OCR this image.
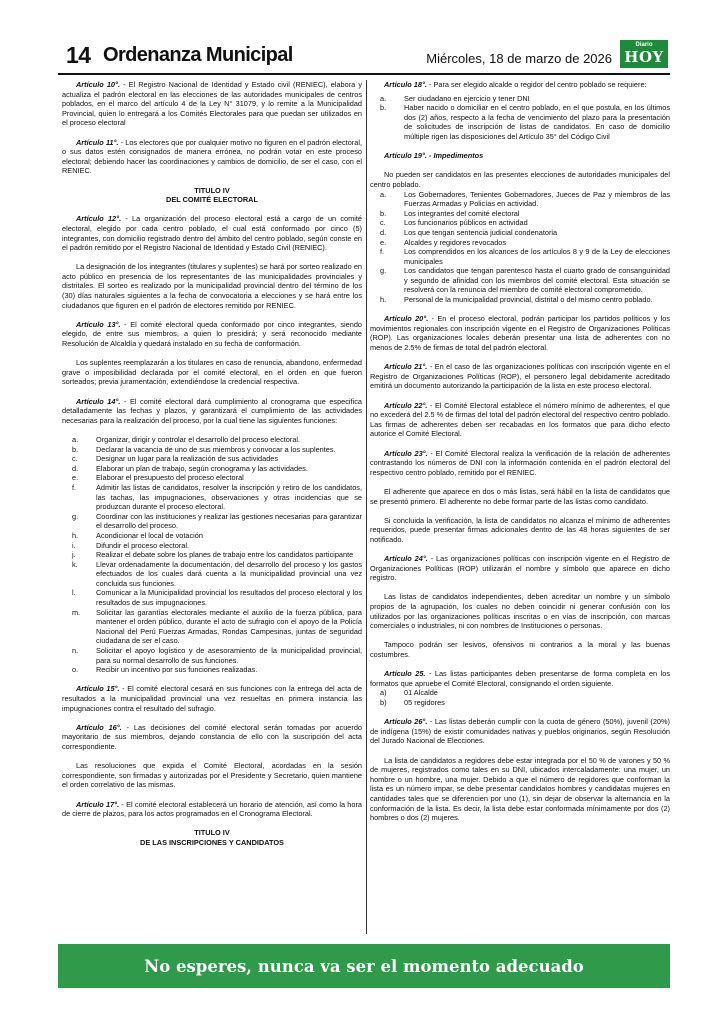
14 Ordenanza Municipal	Miércoles, 18 de marzo de 2026
Diario
HOY

Artículo 10°. - El Registro Nacional de Identidad y Estado civil (RENIEC), elabora y actualiza el padrón electoral en las elecciones de las autoridades municipales de centros poblados, en el marco del artículo 4 de la Ley N° 31079, y lo remite a la Municipalidad Provincial, quien lo entregará a los Comités Electorales para que puedan ser utilizados en el proceso electoral

Artículo 11°. - Los electores que por cualquier motivo no figuren en el padrón electoral, o sus datos estén consignados de manera errónea, no podrán votar en este proceso electoral; debiendo hacer las coordinaciones y cambios de domicilio, de ser el caso, con el RENIEC.

TITULO IV
DEL COMITÉ ELECTORAL

Artículo 12°. - La organización del proceso electoral está a cargo de un comité electoral, elegido por cada centro poblado, el cual está conformado por cinco (5) integrantes, con domicilio registrado dentro del ámbito del centro poblado, según conste en el padrón remitido por el Registro Nacional de Identidad y Estado Civil (RENIEC).

La designación de los integrantes (titulares y suplentes) se hará por sorteo realizado en acto público en presencia de los representantes de las municipalidades provinciales y distritales. El sorteo es realizado por la municipalidad provincial dentro del término de los (30) días naturales siguientes a la fecha de convocatoria a elecciones y se hará entre los ciudadanos que figuren en el padrón de electores remitido por RENIEC.

Artículo 13°. - El comité electoral queda conformado por cinco integrantes, siendo elegido, de entre sus miembros, a quien lo presidirá; y será reconocido mediante Resolución de Alcaldía y quedará instalado en su fecha de conformación.

Los suplentes reemplazarán a los titulares en caso de renuncia, abandono, enfermedad grave o imposibilidad declarada por el comité electoral, en el orden en que fueron sorteados; previa juramentación, extendiéndose la credencial respectiva.

Artículo 14°. - El comité electoral dará cumplimiento al cronograma que especifica detalladamente las fechas y plazos, y garantizará el cumplimiento de las actividades necesarias para la realización del proceso, por la cual tiene las siguientes funciones:

a.	Organizar, dirigir y controlar el desarrollo del proceso electoral.
b.	Declarar la vacancia de uno de sus miembros y convocar a los suplentes.
c.	Designar un lugar para la realización de sus actividades
d.	Elaborar un plan de trabajo, según cronograma y las actividades.
e.	Elaborar el presupuesto del proceso electoral
f.	Admitir las listas de candidatos, resolver la inscripción y retiro de los candidatos, las tachas, las impugnaciones, observaciones y otras incidencias que se produzcan durante el proceso electoral.
g.	Coordinar con las instituciones y realizar las gestiones necesarias para garantizar el desarrollo del proceso.
h.	Acondicionar el local de votación
i.	Difundir el proceso electoral.
j.	Realizar el debate sobre los planes de trabajo entre los candidatos participante
k.	Llevar ordenadamente la documentación, del desarrollo del proceso y los gastos efectuados de los cuales dará cuenta a la municipalidad provincial una vez concluida sus funciones.
l.	Comunicar a la Municipalidad provincial los resultados del proceso electoral y los resultados de sus impugnaciones.
m.	Solicitar las garantías electorales mediante el auxilio de la fuerza pública, para mantener el orden público, durante el acto de sufragio con el apoyo de la Policía Nacional del Perú Fuerzas Armadas, Rondas Campesinas, juntas de seguridad ciudadana de ser el caso.
n.	Solicitar el apoyo logístico y de asesoramiento de la municipalidad provincial, para su normal desarrollo de sus funciones.
o.	Recibir un incentivo por sus funciones realizadas.

Artículo 15°. - El comité electoral cesará en sus funciones con la entrega del acta de resultados a la municipalidad provincial una vez resueltas en primera instancia las impugnaciones contra el resultado del sufragio.

Artículo 16°. - Las decisiones del comité electoral serán tomadas por acuerdo mayoritario de sus miembros, dejando constancia de ello con la suscripción del acta correspondiente.

Las resoluciones que expida el Comité Electoral, acordadas en la sesión correspondiente, son firmadas y autorizadas por el Presidente y Secretario, quien mantiene el orden correlativo de las mismas.

Artículo 17°. - El comité electoral establecerá un horario de atención, así como la hora de cierre de plazos, para los actos programados en el Cronograma Electoral.

TITULO IV
DE LAS INSCRIPCIONES Y CANDIDATOS

Artículo 18°. - Para ser elegido alcalde o regidor del centro poblado se requiere:

a.	Ser ciudadano en ejercicio y tener DNI
b.	Haber nacido o domiciliar en el centro poblado, en el que postula, en los últimos dos (2) años, respecto a la fecha de vencimiento del plazo para la presentación de solicitudes de inscripción de listas de candidatos. En caso de domicilio múltiple rigen las disposiciones del Artículo 35° del Código Civil

Artículo 19°. - Impedimentos

No pueden ser candidatos en las presentes elecciones de autoridades municipales del centro poblado.

a.	Los Gobernadores, Tenientes Gobernadores, Jueces de Paz y miembros de las Fuerzas Armadas y Policías en actividad.
b.	Los integrantes del comité electoral
c.	Los funcionarios públicos en actividad
d.	Los que tengan sentencia judicial condenatoria
e.	Alcaldes y regidores revocados
f.	Los comprendidos en los alcances de los artículos 8 y 9 de la Ley de elecciones municipales
g.	Los candidatos que tengan parentesco hasta el cuarto grado de consanguinidad y segundo de afinidad con los miembros del comité electoral. Esta situación se resolverá con la renuncia del miembro de comité electoral comprometido.
h.	Personal de la municipalidad provincial, distrital o del mismo centro poblado.

Artículo 20°. - En el proceso electoral, podrán participar los partidos políticos y los movimientos regionales con inscripción vigente en el Registro de Organizaciones Políticas (ROP). Las organizaciones locales deberán presentar una lista de adherentes con no menos de 2.5% de firmas de total del padrón electoral.

Artículo 21°. - En el caso de las organizaciones políticas con inscripción vigente en el Registro de Organizaciones Políticas (ROP), el personero legal debidamente acreditado emitirá un documento autorizando la participación de la lista en este proceso electoral.

Artículo 22°. - El Comité Electoral establece el número mínimo de adherentes, el que no excederá del 2.5 % de firmas del total del padrón electoral del respectivo centro poblado. Las firmas de adherentes deben ser recabadas en los formatos que para dicho efecto autorice el Comité Electoral.

Artículo 23°. - El Comité Electoral realiza la verificación de la relación de adherentes contrastando los números de DNI con la información contenida en el padrón electoral del respectivo centro poblado, remitido por el RENIEC.

El adherente que aparece en dos o más listas, será hábil en la lista de candidatos que se presentó primero. El adherente no debe formar parte de las listas como candidato.

Si concluida la verificación, la lista de candidatos no alcanza el mínimo de adherentes requeridos, puede presentar firmas adicionales dentro de las 48 horas siguientes de ser notificado.

Artículo 24°. - Las organizaciones políticas con inscripción vigente en el Registro de Organizaciones Políticas (ROP) utilizarán el nombre y símbolo que aparece en dicho registro.

Las listas de candidatos independientes, deben acreditar un nombre y un símbolo propios de la agrupación, los cuales no deben coincidir ni generar confusión con los utilizados por las organizaciones políticas inscritas o en vías de inscripción, con marcas comerciales o industriales, ni con nombres de Instituciones o personas.

Tampoco podrán ser lesivos, ofensivos ni contrarios a la moral y las buenas costumbres.

Artículo 25. - Las listas participantes deben presentarse de forma completa en los formatos que apruebe el Comité Electoral, consignando el orden siguiente.

a)	01 Alcalde
b)	05 regidores

Artículo 26°. - Las listas deberán cumplir con la cuota de género (50%), juvenil (20%) de indígena (15%) de existir comunidades nativas y pueblos originarios, según Resolución del Jurado Nacional de Elecciones.

La lista de candidatos a regidores debe estar integrada por el 50 % de varones y 50 % de mujeres, registrados como tales en su DNI, ubicados intercaladamente: una mujer, un hombre o un hombre, una mujer. Debido a que el número de regidores que conforman la lista es un número impar, se debe presentar candidatos hombres y candidatas mujeres en cantidades tales que se diferencien por uno (1), sin dejar de observar la alternancia en la conformación de la lista. Es decir, la lista debe estar conformada mínimamente por dos (2) hombres o dos (2) mujeres.

No esperes, nunca va ser el momento adecuado
